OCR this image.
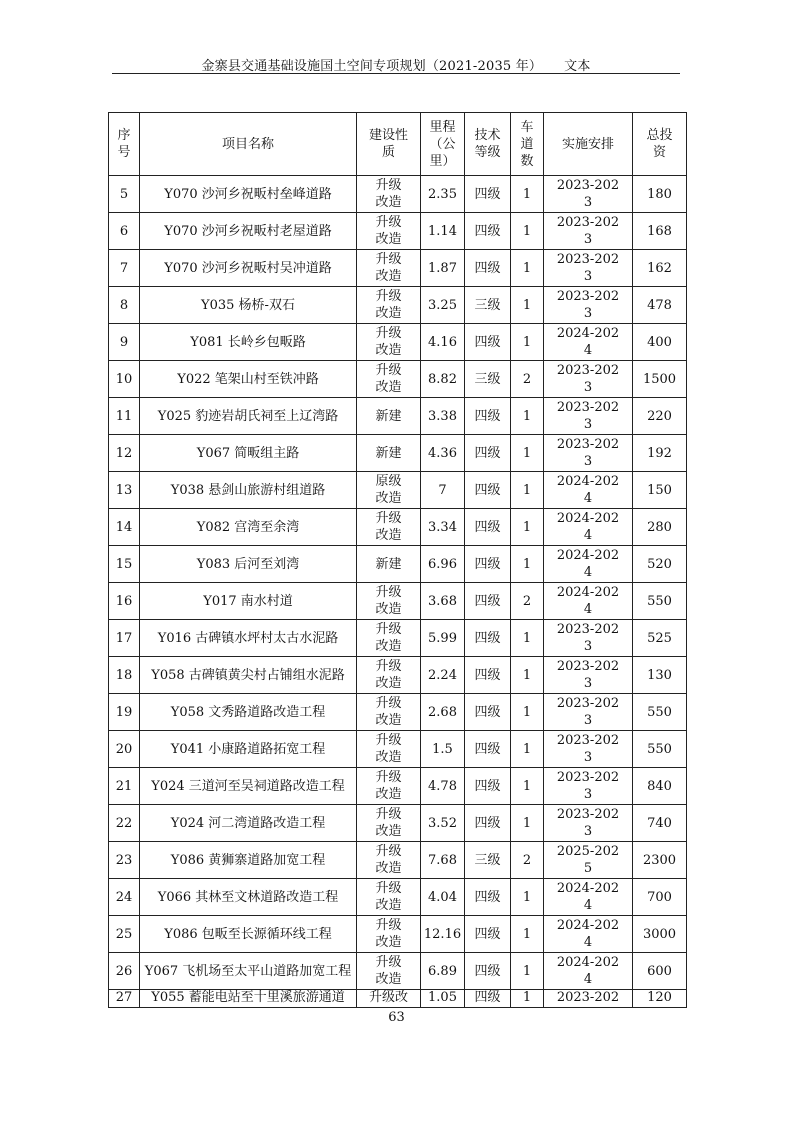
金寨县交通基础设施国土空间专项规划（2021-2035 年） 文本
序号	项目名称	建设性质	里程（公里）	技术等级	车道数	实施安排	总投资
5	Y070 沙河乡祝畈村垒峰道路	升级改造	2.35	四级	1	2023-2023	180
6	Y070 沙河乡祝畈村老屋道路	升级改造	1.14	四级	1	2023-2023	168
7	Y070 沙河乡祝畈村吴冲道路	升级改造	1.87	四级	1	2023-2023	162
8	Y035 杨桥-双石	升级改造	3.25	三级	1	2023-2023	478
9	Y081 长岭乡包畈路	升级改造	4.16	四级	1	2024-2024	400
10	Y022 笔架山村至铁冲路	升级改造	8.82	三级	2	2023-2023	1500
11	Y025 豹迹岩胡氏祠至上辽湾路	新建	3.38	四级	1	2023-2023	220
12	Y067 简畈组主路	新建	4.36	四级	1	2023-2023	192
13	Y038 悬剑山旅游村组道路	原级改造	7	四级	1	2024-2024	150
14	Y082 宫湾至余湾	升级改造	3.34	四级	1	2024-2024	280
15	Y083 后河至刘湾	新建	6.96	四级	1	2024-2024	520
16	Y017 南水村道	升级改造	3.68	四级	2	2024-2024	550
17	Y016 古碑镇水坪村太古水泥路	升级改造	5.99	四级	1	2023-2023	525
18	Y058 古碑镇黄尖村占铺组水泥路	升级改造	2.24	四级	1	2023-2023	130
19	Y058 文秀路道路改造工程	升级改造	2.68	四级	1	2023-2023	550
20	Y041 小康路道路拓宽工程	升级改造	1.5	四级	1	2023-2023	550
21	Y024 三道河至吴祠道路改造工程	升级改造	4.78	四级	1	2023-2023	840
22	Y024 河二湾道路改造工程	升级改造	3.52	四级	1	2023-2023	740
23	Y086 黄狮寨道路加宽工程	升级改造	7.68	三级	2	2025-2025	2300
24	Y066 其林至文林道路改造工程	升级改造	4.04	四级	1	2024-2024	700
25	Y086 包畈至长源循环线工程	升级改造	12.16	四级	1	2024-2024	3000
26	Y067 飞机场至太平山道路加宽工程	升级改造	6.89	四级	1	2024-2024	600
27	Y055 蓄能电站至十里溪旅游通道	升级改	1.05	四级	1	2023-202	120
63
